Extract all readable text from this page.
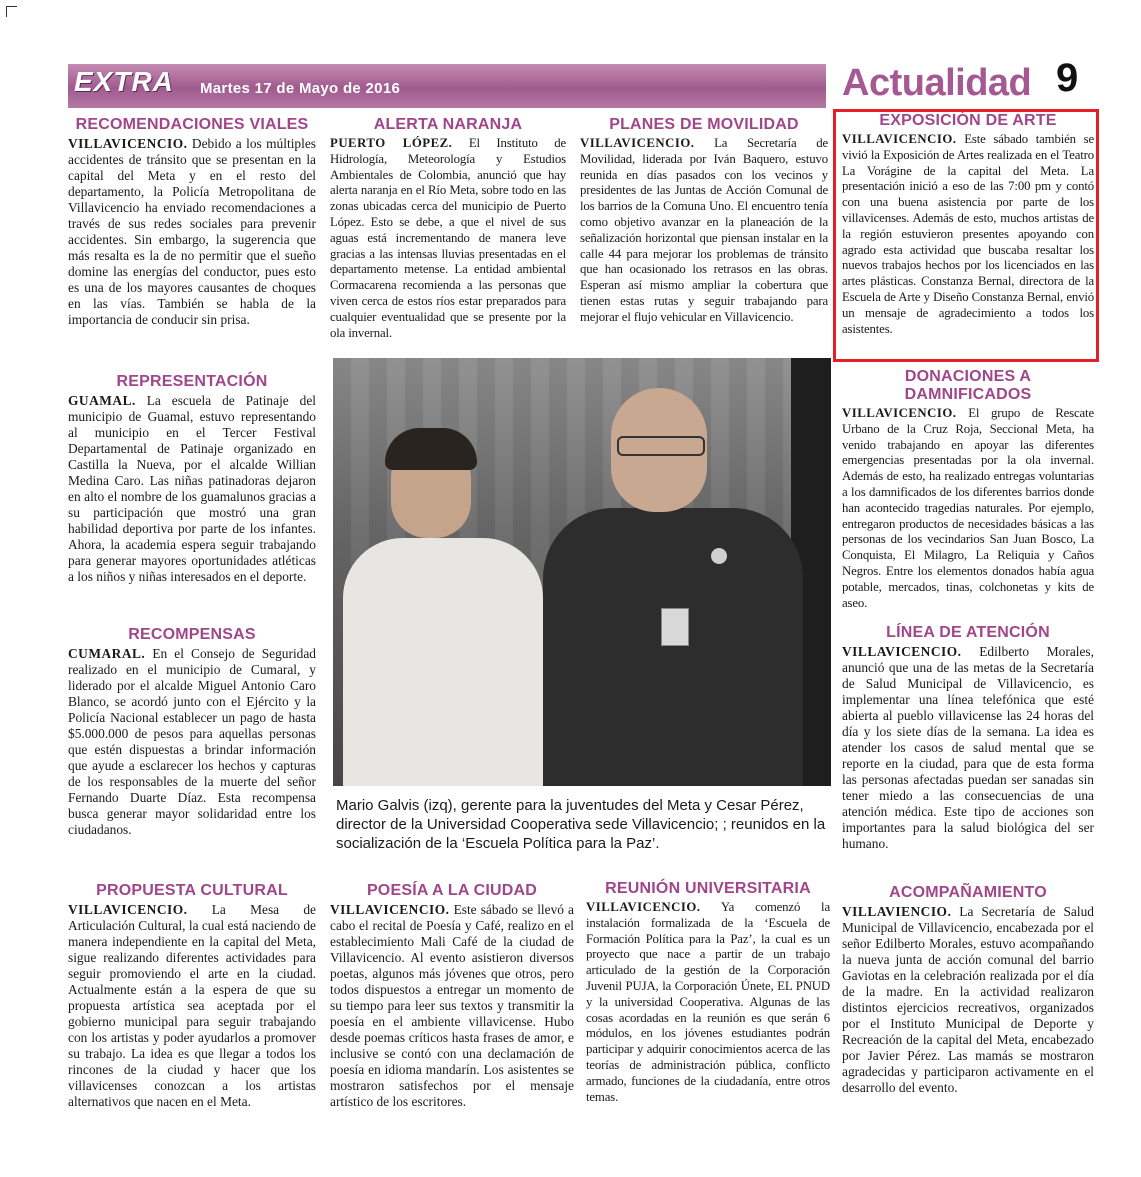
EXTRA Martes 17 de Mayo de 2016	Actualidad 9
RECOMENDACIONES VIALES

VILLAVICENCIO. Debido a los múltiples accidentes de tránsito que se presentan en la capital del Meta y en el resto del departamento, la Policía Metropolitana de Villavicencio ha enviado recomendaciones a través de sus redes sociales para prevenir accidentes. Sin embargo, la sugerencia que más resalta es la de no permitir que el sueño domine las energías del conductor, pues esto es una de los mayores causantes de choques en las vías. También se habla de la importancia de conducir sin prisa.

REPRESENTACIÓN

GUAMAL. La escuela de Patinaje del municipio de Guamal, estuvo representando al municipio en el Tercer Festival Departamental de Patinaje organizado en Castilla la Nueva, por el alcalde Willian Medina Caro. Las niñas patinadoras dejaron en alto el nombre de los guamalunos gracias a su participación que mostró una gran habilidad deportiva por parte de los infantes. Ahora, la academia espera seguir trabajando para generar mayores oportunidades atléticas a los niños y niñas interesados en el deporte.

RECOMPENSAS

CUMARAL. En el Consejo de Seguridad realizado en el municipio de Cumaral, y liderado por el alcalde Miguel Antonio Caro Blanco, se acordó junto con el Ejército y la Policía Nacional establecer un pago de hasta $5.000.000 de pesos para aquellas personas que estén dispuestas a brindar información que ayude a esclarecer los hechos y capturas de los responsables de la muerte del señor Fernando Duarte Díaz. Esta recompensa busca generar mayor solidaridad entre los ciudadanos.

PROPUESTA CULTURAL

VILLAVICENCIO. La Mesa de Articulación Cultural, la cual está naciendo de manera independiente en la capital del Meta, sigue realizando diferentes actividades para seguir promoviendo el arte en la ciudad. Actualmente están a la espera de que su propuesta artística sea aceptada por el gobierno municipal para seguir trabajando con los artistas y poder ayudarlos a promover su trabajo. La idea es que llegar a todos los rincones de la ciudad y hacer que los villavicenses conozcan a los artistas alternativos que nacen en el Meta.

ALERTA NARANJA

PUERTO LÓPEZ. El Instituto de Hidrología, Meteorología y Estudios Ambientales de Colombia, anunció que hay alerta naranja en el Río Meta, sobre todo en las zonas ubicadas cerca del municipio de Puerto López. Esto se debe, a que el nivel de sus aguas está incrementando de manera leve gracias a las intensas lluvias presentadas en el departamento metense. La entidad ambiental Cormacarena recomienda a las personas que viven cerca de estos ríos estar preparados para cualquier eventualidad que se presente por la ola invernal.

POESÍA A LA CIUDAD

VILLAVICENCIO. Este sábado se llevó a cabo el recital de Poesía y Café, realizo en el establecimiento Mali Café de la ciudad de Villavicencio. Al evento asistieron diversos poetas, algunos más jóvenes que otros, pero todos dispuestos a entregar un momento de su tiempo para leer sus textos y transmitir la poesía en el ambiente villavicense. Hubo desde poemas críticos hasta frases de amor, e inclusive se contó con una declamación de poesía en idioma mandarín. Los asistentes se mostraron satisfechos por el mensaje artístico de los escritores.

PLANES DE MOVILIDAD

VILLAVICENCIO. La Secretaría de Movilidad, liderada por Iván Baquero, estuvo reunida en días pasados con los vecinos y presidentes de las Juntas de Acción Comunal de los barrios de la Comuna Uno. El encuentro tenía como objetivo avanzar en la planeación de la señalización horizontal que piensan instalar en la calle 44 para mejorar los problemas de tránsito que han ocasionado los retrasos en las obras. Esperan así mismo ampliar la cobertura que tienen estas rutas y seguir trabajando para mejorar el flujo vehicular en Villavicencio.

REUNIÓN UNIVERSITARIA

VILLAVICENCIO. Ya comenzó la instalación formalizada de la ‘Escuela de Formación Política para la Paz’, la cual es un proyecto que nace a partir de un trabajo articulado de la gestión de la Corporación Juvenil PUJA, la Corporación Únete, EL PNUD y la universidad Cooperativa. Algunas de las cosas acordadas en la reunión es que serán 6 módulos, en los jóvenes estudiantes podrán participar y adquirir conocimientos acerca de las teorías de administración pública, conflicto armado, funciones de la ciudadanía, entre otros temas.

EXPOSICIÓN DE ARTE

VILLAVICENCIO. Este sábado también se vivió la Exposición de Artes realizada en el Teatro La Vorágine de la capital del Meta. La presentación inició a eso de las 7:00 pm y contó con una buena asistencia por parte de los villavicenses. Además de esto, muchos artistas de la región estuvieron presentes apoyando con agrado esta actividad que buscaba resaltar los nuevos trabajos hechos por los licenciados en las artes plásticas. Constanza Bernal, directora de la Escuela de Arte y Diseño Constanza Bernal, envió un mensaje de agradecimiento a todos los asistentes.

DONACIONES A DAMNIFICADOS

VILLAVICENCIO. El grupo de Rescate Urbano de la Cruz Roja, Seccional Meta, ha venido trabajando en apoyar las diferentes emergencias presentadas por la ola invernal. Además de esto, ha realizado entregas voluntarias a los damnificados de los diferentes barrios donde han acontecido tragedias naturales. Por ejemplo, entregaron productos de necesidades básicas a las personas de los vecindarios San Juan Bosco, La Conquista, El Milagro, La Reliquia y Caños Negros. Entre los elementos donados había agua potable, mercados, tinas, colchonetas y kits de aseo.

LÍNEA DE ATENCIÓN

VILLAVICENCIO. Edilberto Morales, anunció que una de las metas de la Secretaría de Salud Municipal de Villavicencio, es implementar una línea telefónica que esté abierta al pueblo villavicense las 24 horas del día y los siete días de la semana. La idea es atender los casos de salud mental que se reporte en la ciudad, para que de esta forma las personas afectadas puedan ser sanadas sin tener miedo a las consecuencias de una atención médica. Este tipo de acciones son importantes para la salud biológica del ser humano.

ACOMPAÑAMIENTO

VILLAVIENCIO. La Secretaría de Salud Municipal de Villavicencio, encabezada por el señor Edilberto Morales, estuvo acompañando la nueva junta de acción comunal del barrio Gaviotas en la celebración realizada por el día de la madre. En la actividad realizaron distintos ejercicios recreativos, organizados por el Instituto Municipal de Deporte y Recreación de la capital del Meta, encabezado por Javier Pérez. Las mamás se mostraron agradecidas y participaron activamente en el desarrollo del evento.

Mario Galvis (izq), gerente para la juventudes del Meta y Cesar Pérez, director de la Universidad Cooperativa sede Villavicencio; ; reunidos en la socialización de la ‘Escuela Política para la Paz’.
